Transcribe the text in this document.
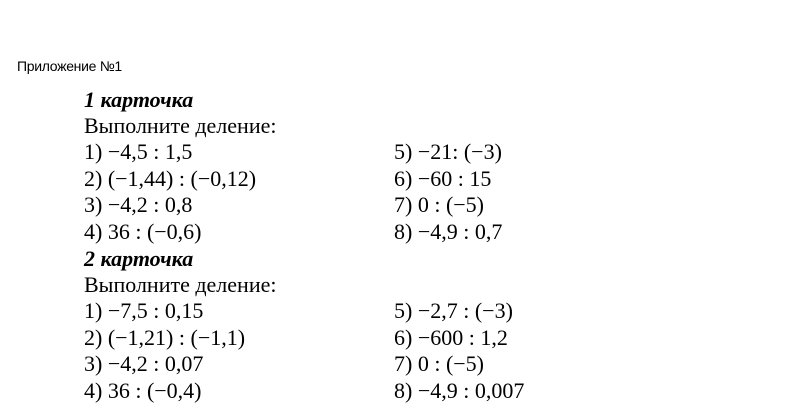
Приложение №1
1 карточка
Выполните деление:
1) −4,5 : 1,5	5) −21: (−3)
2) (−1,44) : (−0,12)	6) −60 : 15
3) −4,2 : 0,8	7) 0 : (−5)
4) 36 : (−0,6)	8) −4,9 : 0,7
2 карточка
Выполните деление:
1) −7,5 : 0,15	5) −2,7 : (−3)
2) (−1,21) : (−1,1)	6) −600 : 1,2
3) −4,2 : 0,07	7) 0 : (−5)
4) 36 : (−0,4)	8) −4,9 : 0,007
